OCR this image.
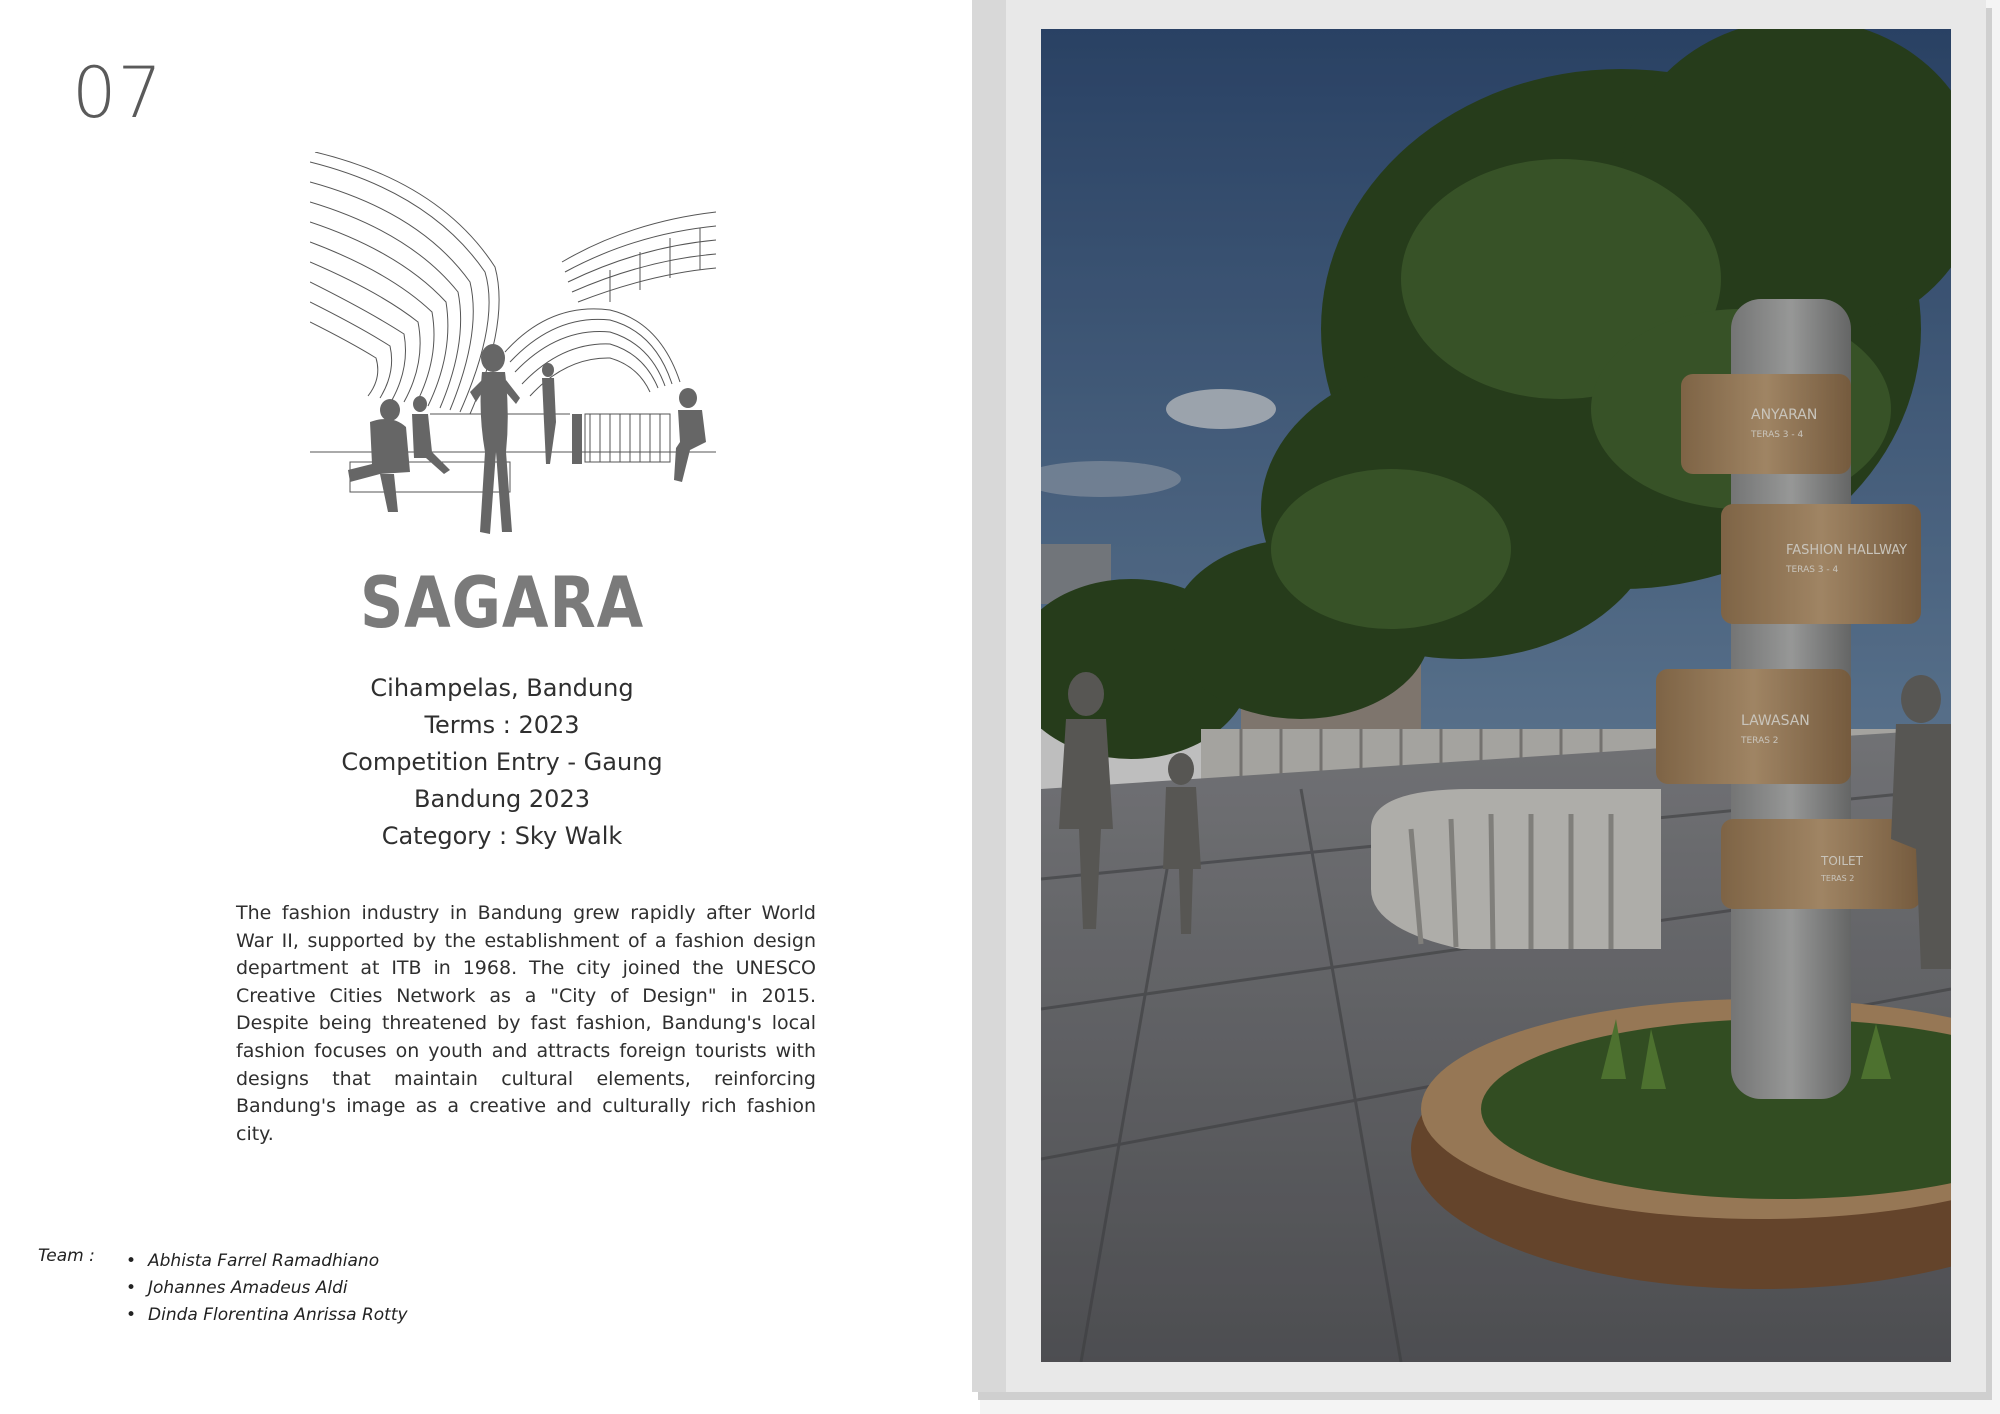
07
SAGARA
Cihampelas, Bandung
Terms : 2023
Competition Entry - Gaung
Bandung 2023
Category : Sky Walk
The fashion industry in Bandung grew rapidly after World War II, supported by the establishment of a fashion design department at ITB in 1968. The city joined the UNESCO Creative Cities Network as a "City of Design" in 2015. Despite being threatened by fast fashion, Bandung's local fashion focuses on youth and attracts foreign tourists with designs that maintain cultural elements, reinforcing Bandung's image as a creative and culturally rich fashion city.
Team :
•	Abhista Farrel Ramadhiano
• Johannes Amadeus Aldi
• Dinda Florentina Anrissa Rotty
ANYARAN
TERAS 3 - 4
FASHION HALLWAY
TERAS 3 - 4
LAWASAN
TERAS 2
TOILET
TERAS 2
